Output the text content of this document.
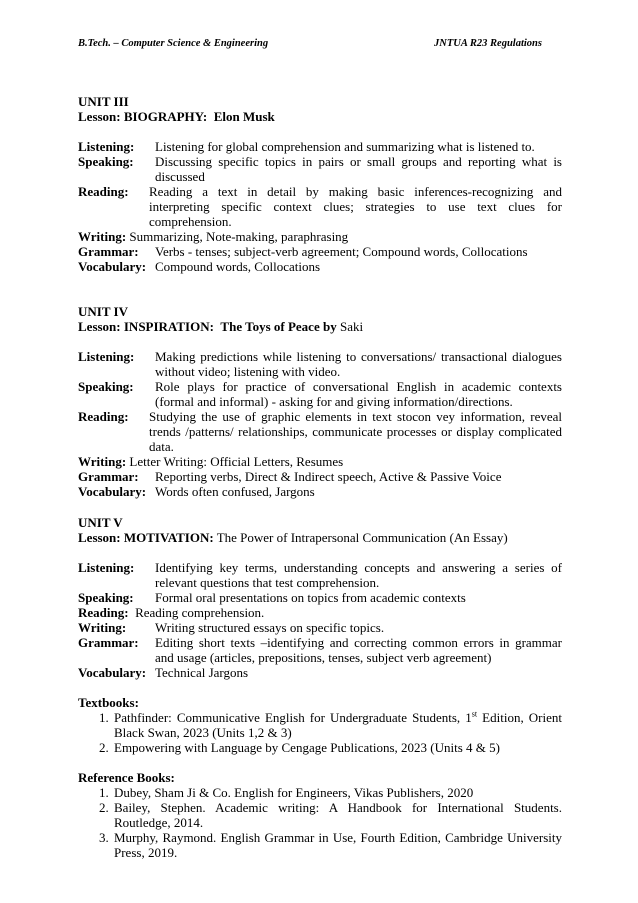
B.Tech. – Computer Science & Engineering	JNTUA R23 Regulations
UNIT III
Lesson: BIOGRAPHY: Elon Musk
Listening:	Listening for global comprehension and summarizing what is listened to.
Speaking:	Discussing specific topics in pairs or small groups and reporting what is discussed
Reading:	Reading a text in detail by making basic inferences-recognizing and interpreting specific context clues; strategies to use text clues for comprehension.
Writing: Summarizing, Note-making, paraphrasing
Grammar:	Verbs - tenses; subject-verb agreement; Compound words, Collocations
Vocabulary: Compound words, Collocations
UNIT IV
Lesson: INSPIRATION: The Toys of Peace by Saki
Listening:	Making predictions while listening to conversations/ transactional dialogues without video; listening with video.
Speaking:	Role plays for practice of conversational English in academic contexts (formal and informal) - asking for and giving information/directions.
Reading:	Studying the use of graphic elements in text stocon vey information, reveal trends /patterns/ relationships, communicate processes or display complicated data.
Writing: Letter Writing: Official Letters, Resumes
Grammar:	Reporting verbs, Direct & Indirect speech, Active & Passive Voice
Vocabulary: Words often confused, Jargons
UNIT V
Lesson: MOTIVATION: The Power of Intrapersonal Communication (An Essay)
Listening:	Identifying key terms, understanding concepts and answering a series of relevant questions that test comprehension.
Speaking:	Formal oral presentations on topics from academic contexts
Reading: Reading comprehension.
Writing:	Writing structured essays on specific topics.
Grammar:	Editing short texts –identifying and correcting common errors in grammar and usage (articles, prepositions, tenses, subject verb agreement)
Vocabulary: Technical Jargons
Textbooks:
1. Pathfinder: Communicative English for Undergraduate Students, 1st Edition, Orient Black Swan, 2023 (Units 1,2 & 3)
2. Empowering with Language by Cengage Publications, 2023 (Units 4 & 5)
Reference Books:
1. Dubey, Sham Ji & Co. English for Engineers, Vikas Publishers, 2020
2. Bailey, Stephen. Academic writing: A Handbook for International Students. Routledge, 2014.
3. Murphy, Raymond. English Grammar in Use, Fourth Edition, Cambridge University Press, 2019.
